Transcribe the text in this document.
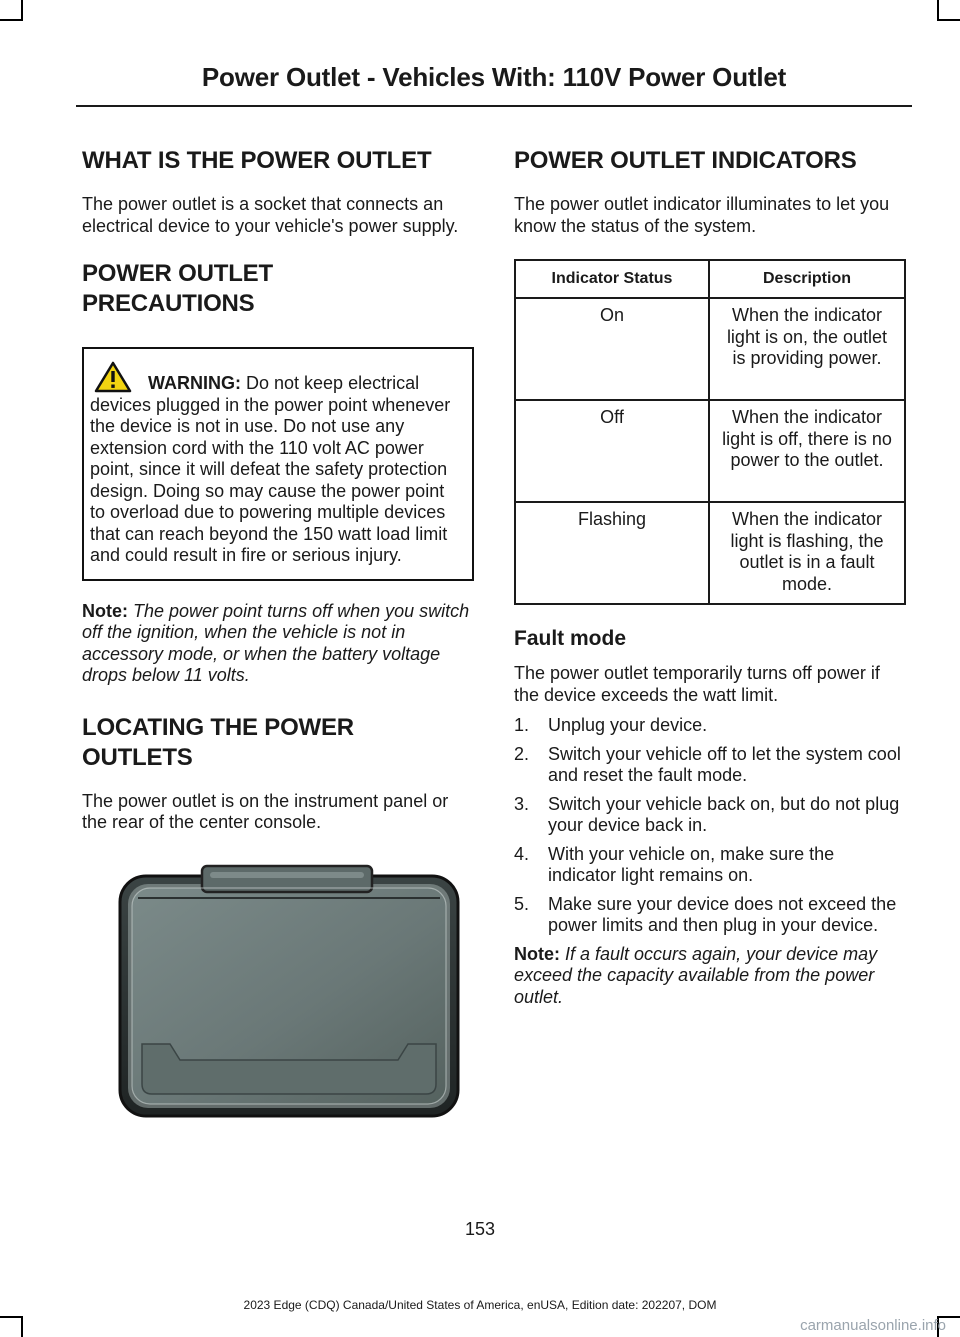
Power Outlet - Vehicles With: 110V Power Outlet
WHAT IS THE POWER OUTLET

The power outlet is a socket that connects an electrical device to your vehicle's power supply.

POWER OUTLET
PRECAUTIONS
WARNING: Do not keep electrical devices plugged in the power point whenever the device is not in use. Do not use any extension cord with the 110 volt AC power point, since it will defeat the safety protection design. Doing so may cause the power point to overload due to powering multiple devices that can reach beyond the 150 watt load limit and could result in fire or serious injury.

Note: The power point turns off when you switch off the ignition, when the vehicle is not in accessory mode, or when the battery voltage drops below 11 volts.

LOCATING THE POWER
OUTLETS

The power outlet is on the instrument panel or the rear of the center console.

POWER OUTLET INDICATORS

The power outlet indicator illuminates to let you know the status of the system.

Indicator Status	Description
On	When the indicator light is on, the outlet is providing power.
Off	When the indicator light is off, there is no power to the outlet.
Flashing	When the indicator light is flashing, the outlet is in a fault mode.
Fault mode

The power outlet temporarily turns off power if the device exceeds the watt limit.

1. Unplug your device.
2. Switch your vehicle off to let the system cool and reset the fault mode.
3. Switch your vehicle back on, but do not plug your device back in.
4. With your vehicle on, make sure the indicator light remains on.
5. Make sure your device does not exceed the power limits and then plug in your device.

Note: If a fault occurs again, your device may exceed the capacity available from the power outlet.

153
2023 Edge (CDQ) Canada/United States of America, enUSA, Edition date: 202207, DOM
carmanualsonline.info
